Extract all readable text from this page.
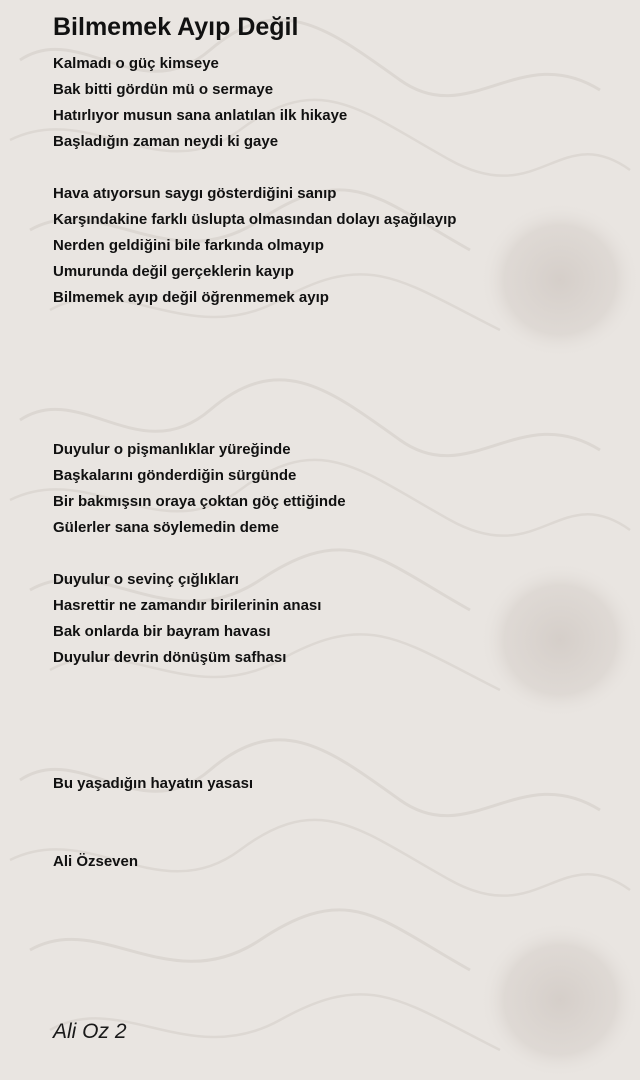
Bilmemek Ayıp Değil
Kalmadı o güç kimseye
Bak bitti gördün mü o sermaye
Hatırlıyor musun sana anlatılan ilk hikaye
Başladığın zaman neydi ki gaye
Hava atıyorsun saygı gösterdiğini sanıp
Karşındakine farklı üslupta olmasından dolayı aşağılayıp
Nerden geldiğini bile farkında olmayıp
Umurunda değil gerçeklerin kayıp
Bilmemek ayıp değil öğrenmemek ayıp
Duyulur o pişmanlıklar yüreğinde
Başkalarını gönderdiğin sürgünde
Bir bakmışsın oraya çoktan göç ettiğinde
Gülerler sana söylemedin deme
Duyulur o sevinç çığlıkları
Hasrettir ne zamandır birilerinin anası
Bak onlarda bir bayram havası
Duyulur devrin dönüşüm safhası
Bu yaşadığın hayatın yasası
Ali Özseven
Ali Oz 2
